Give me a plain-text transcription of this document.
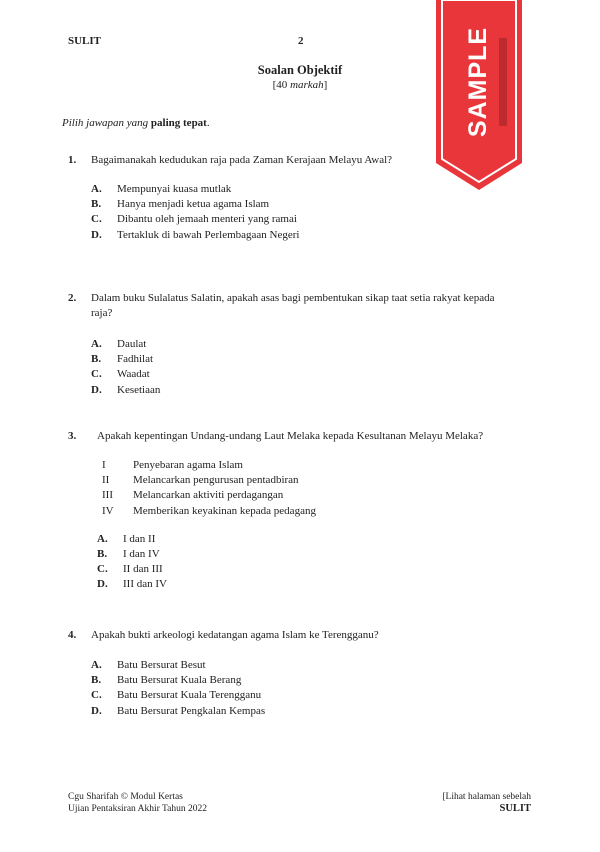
SULIT	2	SAMPLE
Soalan Objektif
[40 markah]
Pilih jawapan yang paling tepat.
1.	Bagaimanakah kedudukan raja pada Zaman Kerajaan Melayu Awal?
A.	Mempunyai kuasa mutlak
B.	Hanya menjadi ketua agama Islam
C.	Dibantu oleh jemaah menteri yang ramai
D.	Tertakluk di bawah Perlembagaan Negeri
2.	Dalam buku Sulalatus Salatin, apakah asas bagi pembentukan sikap taat setia rakyat kepada
raja?
A.	Daulat
B.	Fadhilat
C.	Waadat
D.	Kesetiaan
3.	Apakah kepentingan Undang-undang Laut Melaka kepada Kesultanan Melayu Melaka?
I	Penyebaran agama Islam
II	Melancarkan pengurusan pentadbiran
III	Melancarkan aktiviti perdagangan
IV	Memberikan keyakinan kepada pedagang
A.	I dan II
B.	I dan IV
C.	II dan III
D.	III dan IV
4.	Apakah bukti arkeologi kedatangan agama Islam ke Terengganu?
A.	Batu Bersurat Besut
B.	Batu Bersurat Kuala Berang
C.	Batu Bersurat Kuala Terengganu
D.	Batu Bersurat Pengkalan Kempas
Cgu Sharifah © Modul Kertas
Ujian Pentaksiran Akhir Tahun 2022
[Lihat halaman sebelah
SULIT
